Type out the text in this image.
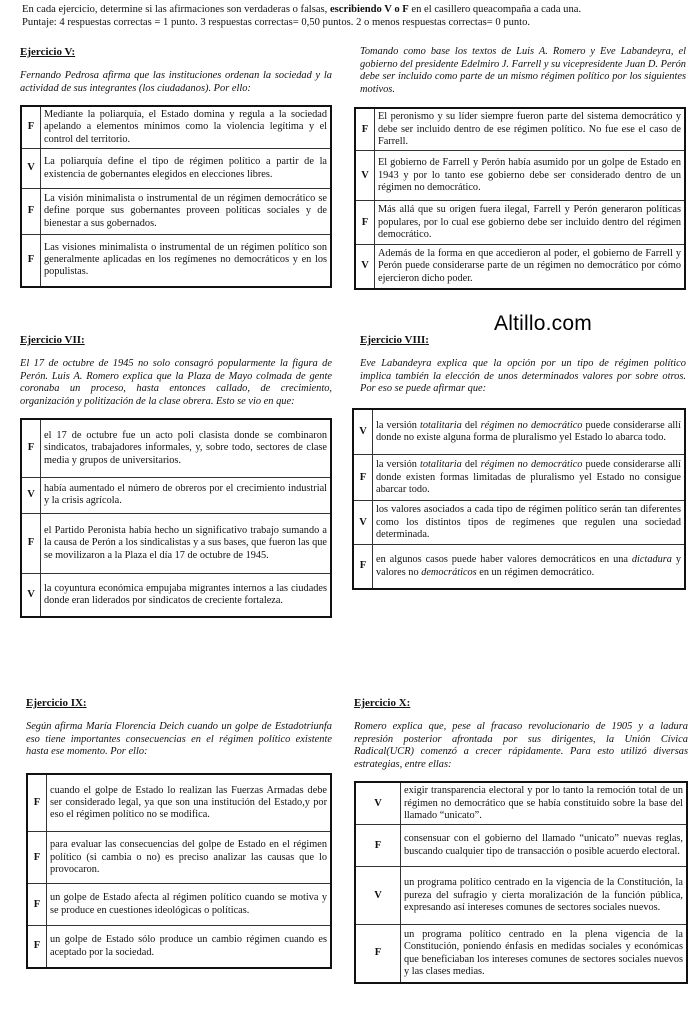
En cada ejercicio, determine si las afirmaciones son verdaderas o falsas, escribiendo V o F en el casillero queacompaña a cada una.
Puntaje: 4 respuestas correctas = 1 punto. 3 respuestas correctas= 0,50 puntos. 2 o menos respuestas correctas= 0 punto.
Ejercicio V:
Fernando Pedrosa afirma que las instituciones ordenan la sociedad y la actividad de sus integrantes (los ciudadanos). Por ello:
F	Mediante la poliarquía, el Estado domina y regula a la sociedad apelando a elementos mínimos como la violencia legítima y el control del territorio.
V	La poliarquía define el tipo de régimen político a partir de la existencia de gobernantes elegidos en elecciones libres.
F	La visión minimalista o instrumental de un régimen democrático se define porque sus gobernantes proveen políticas sociales y de bienestar a sus gobernados.
F	Las visiones minimalista o instrumental de un régimen político son generalmente aplicadas en los regímenes no democráticos y en los populistas.
Tomando como base los textos de Luis A. Romero y Eve Labandeyra, el gobierno del presidente Edelmiro J. Farrell y su vicepresidente Juan D. Perón debe ser incluido como parte de un mismo régimen político por los siguientes motivos.
F	El peronismo y su líder siempre fueron parte del sistema democrático y debe ser incluido dentro de ese régimen político. No fue ese el caso de Farrell.
V	El gobierno de Farrell y Perón había asumido por un golpe de Estado en 1943 y por lo tanto ese gobierno debe ser considerado dentro de un régimen no democrático.
F	Más allá que su origen fuera ilegal, Farrell y Perón generaron políticas populares, por lo cual ese gobierno debe ser incluido dentro del régimen democrático.
V	Además de la forma en que accedieron al poder, el gobierno de Farrell y Perón puede considerarse parte de un régimen no democrático por cómo ejercieron dicho poder.
Altillo.com
Ejercicio VII:
El 17 de octubre de 1945 no solo consagró popularmente la figura de Perón. Luis A. Romero explica que la Plaza de Mayo colmada de gente coronaba un proceso, hasta entonces callado, de crecimiento, organización y politización de la clase obrera. Esto se vio en que:
F	el 17 de octubre fue un acto poli clasista donde se combinaron sindicatos, trabajadores informales, y, sobre todo, sectores de clase media y grupos de universitarios.
V	había aumentado el número de obreros por el crecimiento industrial y la crisis agrícola.
F	el Partido Peronista había hecho un significativo trabajo sumando a la causa de Perón a los sindicalistas y a sus bases, que fueron las que se movilizaron a la Plaza el día 17 de octubre de 1945.
V	la coyuntura económica empujaba migrantes internos a las ciudades donde eran liderados por sindicatos de creciente fortaleza.
Ejercicio VIII:
Eve Labandeyra explica que la opción por un tipo de régimen político implica también la elección de unos determinados valores por sobre otros. Por eso se puede afirmar que:
V	la versión totalitaria del régimen no democrático puede considerarse allí donde no existe alguna forma de pluralismo yel Estado lo abarca todo.
F	la versión totalitaria del régimen no democrático puede considerarse allí donde existen formas limitadas de pluralismo yel Estado no consigue abarcar todo.
V	los valores asociados a cada tipo de régimen político serán tan diferentes como los distintos tipos de regímenes que regulen una sociedad determinada.
F	en algunos casos puede haber valores democráticos en una dictadura y valores no democráticos en un régimen democrático.
Ejercicio IX:
Según afirma María Florencia Deich cuando un golpe de Estadotriunfa eso tiene importantes consecuencias en el régimen político existente hasta ese momento. Por ello:
F	cuando el golpe de Estado lo realizan las Fuerzas Armadas debe ser considerado legal, ya que son una institución del Estado,y por eso el régimen político no se modifica.
F	para evaluar las consecuencias del golpe de Estado en el régimen político (si cambia o no) es preciso analizar las causas que lo provocaron.
F	un golpe de Estado afecta al régimen político cuando se motiva y se produce en cuestiones ideológicas o políticas.
F	un golpe de Estado sólo produce un cambio régimen cuando es aceptado por la sociedad.
Ejercicio X:
Romero explica que, pese al fracaso revolucionario de 1905 y a ladura represión posterior afrontada por sus dirigentes, la Unión Cívica Radical(UCR) comenzó a crecer rápidamente. Para esto utilizó diversas estrategias, entre ellas:
V	exigir transparencia electoral y por lo tanto la remoción total de un régimen no democrático que se había constituido sobre la base del llamado “unicato”.
F	consensuar con el gobierno del llamado “unicato” nuevas reglas, buscando cualquier tipo de transacción o posible acuerdo electoral.
V	un programa político centrado en la vigencia de la Constitución, la pureza del sufragio y cierta moralización de la función pública, expresando así intereses comunes de sectores sociales nuevos.
F	un programa político centrado en la plena vigencia de la Constitución, poniendo énfasis en medidas sociales y económicas que beneficiaban los intereses comunes de sectores sociales nuevos y las clases medias.
